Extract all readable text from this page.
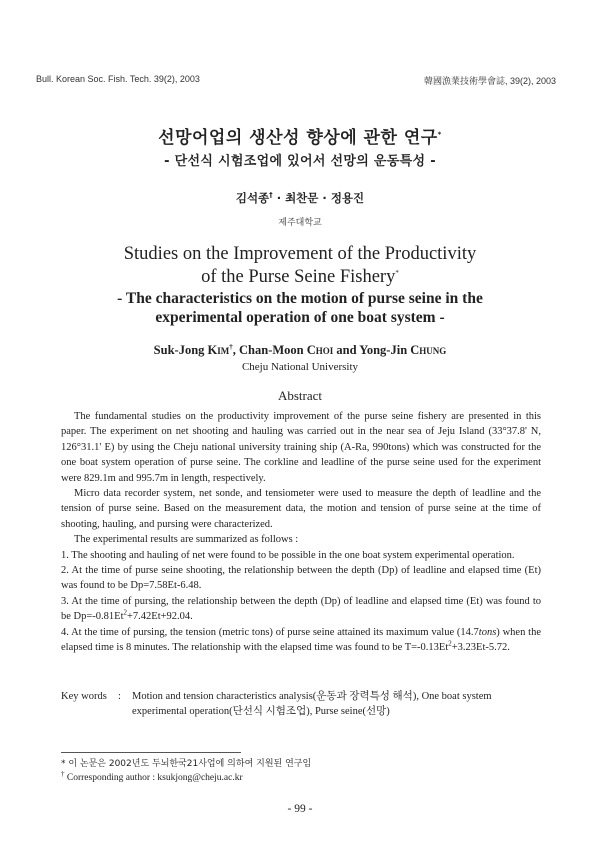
Bull. Korean Soc. Fish. Tech. 39(2), 2003	韓國漁業技術學會誌, 39(2), 2003
선망어업의 생산성 향상에 관한 연구*
- 단선식 시험조업에 있어서 선망의 운동특성 -
김석종† · 최찬문 · 정용진
제주대학교
Studies on the Improvement of the Productivity
of the Purse Seine Fishery*
- The characteristics on the motion of purse seine in the
experimental operation of one boat system -
Suk-Jong Kim†, Chan-Moon Choi and Yong-Jin Chung
Cheju National University
Abstract

The fundamental studies on the productivity improvement of the purse seine fishery are presented in this paper. The experiment on net shooting and hauling was carried out in the near sea of Jeju Island (33°37.8' N, 126°31.1' E) by using the Cheju national university training ship (A-Ra, 990tons) which was constructed for the one boat system operation of purse seine. The corkline and leadline of the purse seine used for the experiment were 829.1m and 995.7m in length, respectively.

Micro data recorder system, net sonde, and tensiometer were used to measure the depth of leadline and the tension of purse seine. Based on the measurement data, the motion and tension of purse seine at the time of shooting, hauling, and pursing were characterized.

The experimental results are summarized as follows :

1. The shooting and hauling of net were found to be possible in the one boat system experimental operation.

2. At the time of purse seine shooting, the relationship between the depth (Dp) of leadline and elapsed time (Et) was found to be Dp=7.58Et-6.48.

3. At the time of pursing, the relationship between the depth (Dp) of leadline and elapsed time (Et) was found to be $Dp=-0.81Et^2+7.42Et+92.04$.

4. At the time of pursing, the tension (metric tons) of purse seine attained its maximum value (14.7tons) when the elapsed time is 8 minutes. The relationship with the elapsed time was found to be $T=-0.13Et^2+3.23Et-5.72$.

Key words	:	Motion and tension characteristics analysis(운동과 장력특성 해석), One boat system experimental operation(단선식 시험조업), Purse seine(선망)
* 이 논문은 2002년도 두뇌한국21사업에 의하여 지원된 연구임
† Corresponding author : ksukjong@cheju.ac.kr
- 99 -
